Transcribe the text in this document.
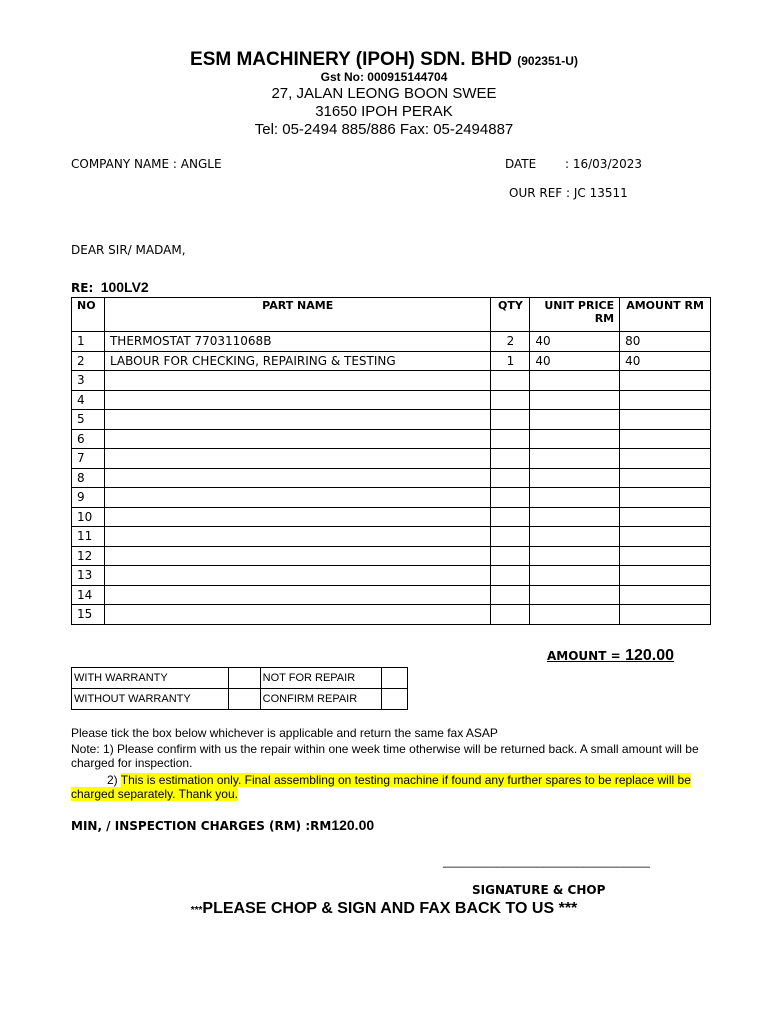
ESM MACHINERY (IPOH) SDN. BHD (902351-U)
Gst No: 000915144704
27, JALAN LEONG BOON SWEE
31650 IPOH PERAK
Tel: 05-2494 885/886 Fax: 05-2494887
COMPANY NAME : ANGLE	DATE : 16/03/2023
OUR REF : JC 13511
DEAR SIR/ MADAM,
RE: 100LV2
NO	PART NAME	QTY	UNIT PRICE RM	AMOUNT RM
1	THERMOSTAT 770311068B	2	40	80
2	LABOUR FOR CHECKING, REPAIRING & TESTING	1	40	40
3				
4				
5				
6				
7				
8				
9				
10				
11				
12				
13				
14				
15				
AMOUNT = 120.00
WITH WARRANTY		NOT FOR REPAIR	
WITHOUT WARRANTY		CONFIRM REPAIR	
Please tick the box below whichever is applicable and return the same fax ASAP
Note: 1) Please confirm with us the repair within one week time otherwise will be returned back. A small amount will be charged for inspection.
2) This is estimation only. Final assembling on testing machine if found any further spares to be replace will be charged separately. Thank you.
MIN, / INSPECTION CHARGES (RM) :RM120.00
_______________________________
SIGNATURE & CHOP
***PLEASE CHOP & SIGN AND FAX BACK TO US ***
